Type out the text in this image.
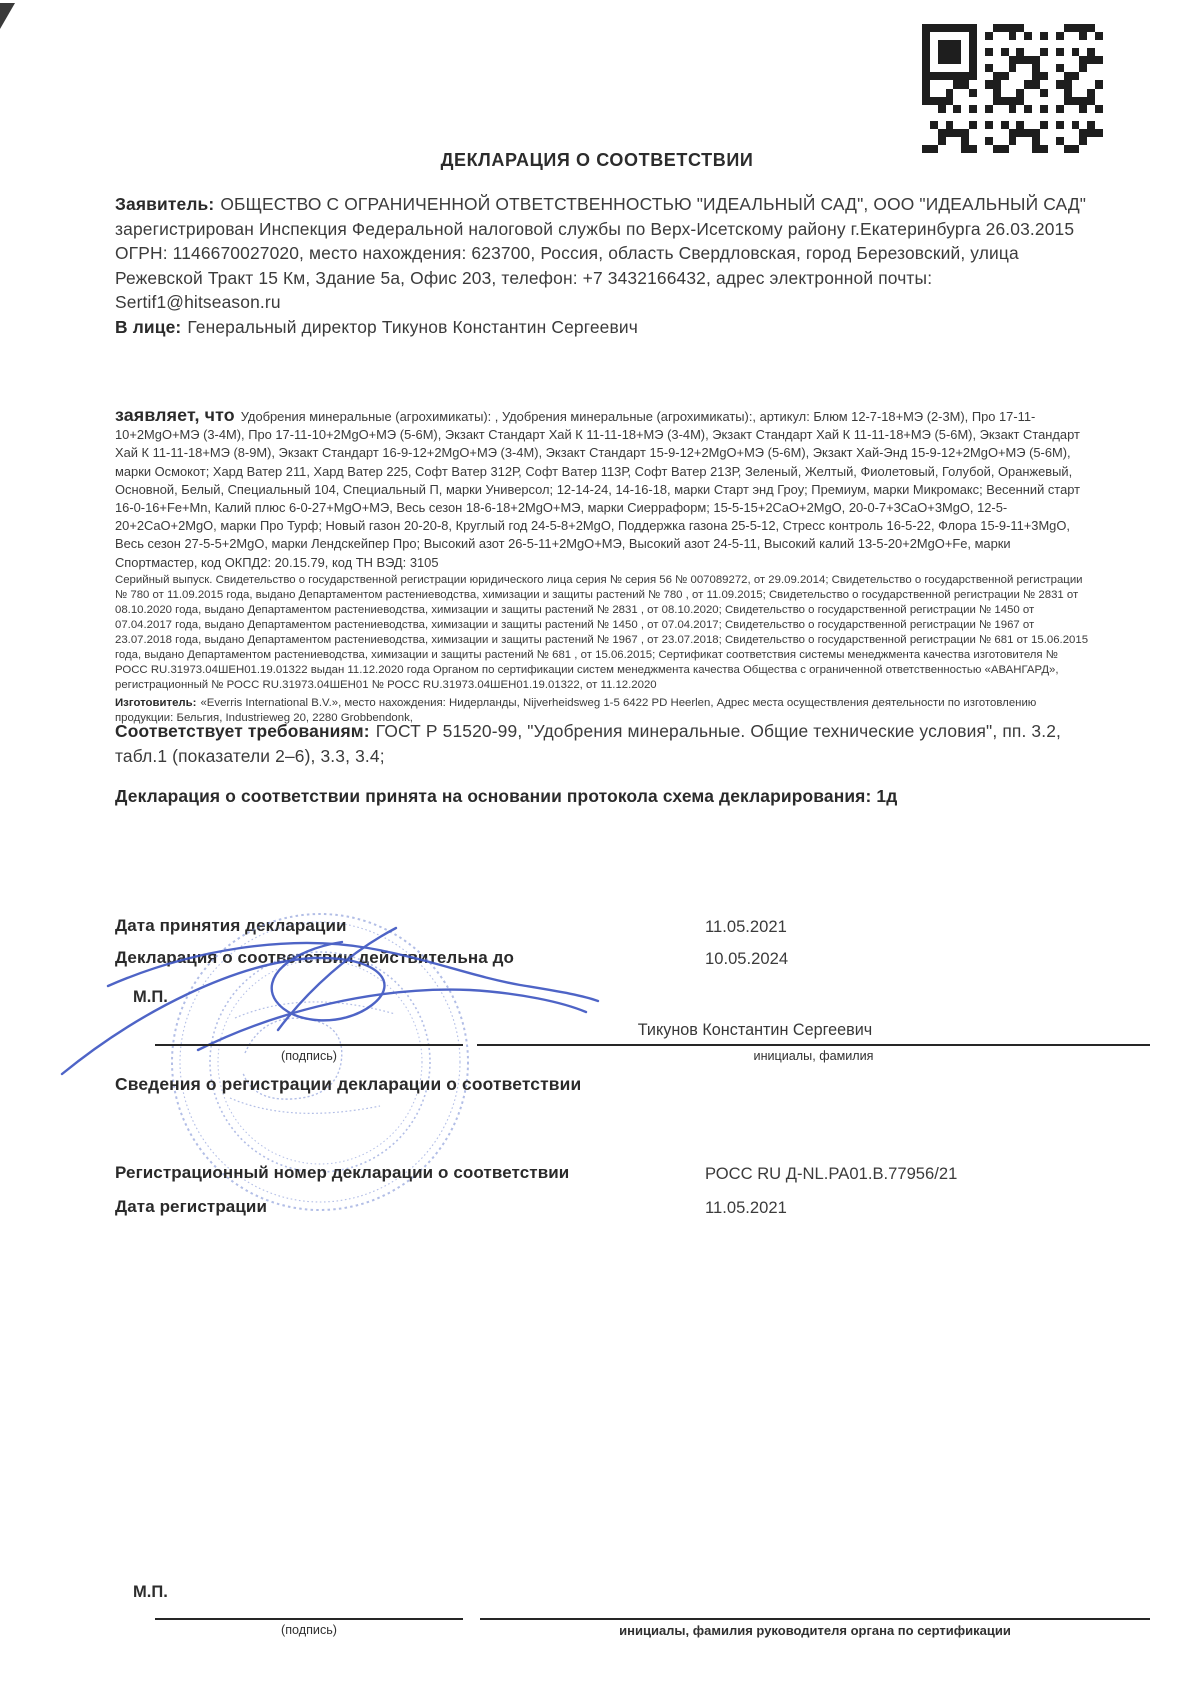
ДЕКЛАРАЦИЯ О СООТВЕТСТВИИ
Заявитель: ОБЩЕСТВО С ОГРАНИЧЕННОЙ ОТВЕТСТВЕННОСТЬЮ "ИДЕАЛЬНЫЙ САД", ООО "ИДЕАЛЬНЫЙ САД"
зарегистрирован Инспекция Федеральной налоговой службы по Верх-Исетскому району г.Екатеринбурга 26.03.2015 ОГРН: 1146670027020, место нахождения: 623700, Россия, область Свердловская, город Березовский, улица Режевской Тракт 15 Км, Здание 5а, Офис 203, телефон: +7 3432166432, адрес электронной почты: Sertif1@hitseason.ru
В лице: Генеральный директор Тикунов Константин Сергеевич

заявляет, что Удобрения минеральные (агрохимикаты): , Удобрения минеральные (агрохимикаты):, артикул: Блюм 12-7-18+МЭ (2-3М), Про 17-11-10+2MgO+МЭ (3-4М), Про 17-11-10+2MgO+МЭ (5-6М), Экзакт Стандарт Хай К 11-11-18+МЭ (3-4М), Экзакт Стандарт Хай К 11-11-18+МЭ (5-6М), Экзакт Стандарт Хай К 11-11-18+МЭ (8-9М), Экзакт Стандарт 16-9-12+2MgO+МЭ (3-4М), Экзакт Стандарт 15-9-12+2MgO+МЭ (5-6М), Экзакт Хай-Энд 15-9-12+2MgO+МЭ (5-6М), марки Осмокот; Хард Ватер 211, Хард Ватер 225, Софт Ватер 312Р, Софт Ватер 113Р, Софт Ватер 213Р, Зеленый, Желтый, Фиолетовый, Голубой, Оранжевый, Основной, Белый, Специальный 104, Специальный П, марки Универсол; 12-14-24, 14-16-18, марки Старт энд Гроу; Премиум, марки Микромакс; Весенний старт 16-0-16+Fe+Mn, Калий плюс 6-0-27+MgO+МЭ, Весь сезон 18-6-18+2MgO+МЭ, марки Сиерраформ; 15-5-15+2CaO+2MgO, 20-0-7+3CaO+3MgO, 12-5-20+2CaO+2MgO, марки Про Турф; Новый газон 20-20-8, Круглый год 24-5-8+2MgO, Поддержка газона 25-5-12, Стресс контроль 16-5-22, Флора 15-9-11+3MgO, Весь сезон 27-5-5+2MgO, марки Лендскейпер Про; Высокий азот 26-5-11+2MgO+МЭ, Высокий азот 24-5-11, Высокий калий 13-5-20+2MgO+Fe, марки Спортмастер, код ОКПД2: 20.15.79, код ТН ВЭД: 3105

Серийный выпуск. Свидетельство о государственной регистрации юридического лица серия № серия 56 № 007089272, от 29.09.2014; Свидетельство о государственной регистрации № 780 от 11.09.2015 года, выдано Департаментом растениеводства, химизации и защиты растений № 780 , от 11.09.2015; Свидетельство о государственной регистрации № 2831 от 08.10.2020 года, выдано Департаментом растениеводства, химизации и защиты растений № 2831 , от 08.10.2020; Свидетельство о государственной регистрации № 1450 от 07.04.2017 года, выдано Департаментом растениеводства, химизации и защиты растений № 1450 , от 07.04.2017; Свидетельство о государственной регистрации № 1967 от 23.07.2018 года, выдано Департаментом растениеводства, химизации и защиты растений № 1967 , от 23.07.2018; Свидетельство о государственной регистрации № 681 от 15.06.2015 года, выдано Департаментом растениеводства, химизации и защиты растений № 681 , от 15.06.2015; Сертификат соответствия системы менеджмента качества изготовителя № РОСС RU.31973.04ШЕН01.19.01322 выдан 11.12.2020 года Органом по сертификации систем менеджмента качества Общества с ограниченной ответственностью «АВАНГАРД», регистрационный № РОСС RU.31973.04ШЕН01 № РОСС RU.31973.04ШЕН01.19.01322, от 11.12.2020
Изготовитель: «Everris International B.V.», место нахождения: Нидерланды, Nijverheidsweg 1-5 6422 PD Heerlen, Адрес места осуществления деятельности по изготовлению продукции: Бельгия, Industrieweg 20, 2280 Grobbendonk,
Соответствует требованиям: ГОСТ Р 51520-99, "Удобрения минеральные. Общие технические условия", пп. 3.2, табл.1 (показатели 2–6), 3.3, 3.4;
Декларация о соответствии принята на основании протокола схема декларирования: 1д
Дата принятия декларации	11.05.2021
Декларация о соответствии действительна до	10.05.2024
М.П.
Тикунов Константин Сергеевич
(подпись)	инициалы, фамилия
Сведения о регистрации декларации о соответствии
Регистрационный номер декларации о соответствии	РОСС RU Д-NL.РА01.В.77956/21
Дата регистрации	11.05.2021
М.П.
(подпись)	инициалы, фамилия руководителя органа по сертификации
